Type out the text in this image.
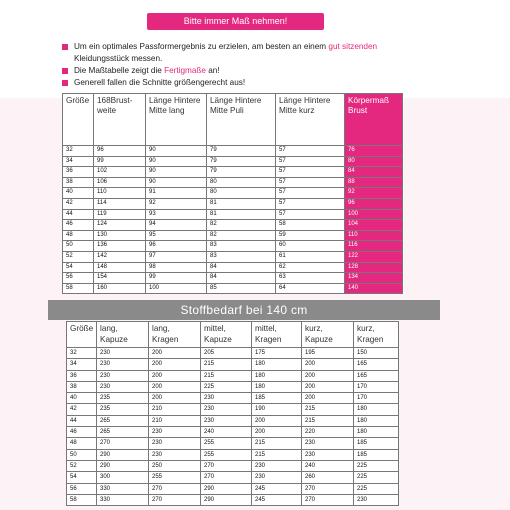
Bitte immer Maß nehmen!
Um ein optimales Passformergebnis zu erzielen, am besten an einem gut sitzenden Kleidungsstück messen.
Die Maßtabelle zeigt die Fertigmaße an!
Generell fallen die Schnitte größengerecht aus!
Größe	168Brust-weite	Länge Hintere Mitte lang	Länge Hintere Mitte Puli	Länge Hintere Mitte kurz	Körpermaß Brust
32	96	90	79	57	76
34	99	90	79	57	80
36	102	90	79	57	84
38	106	90	80	57	88
40	110	91	80	57	92
42	114	92	81	57	96
44	119	93	81	57	100
46	124	94	82	58	104
48	130	95	82	59	110
50	136	96	83	60	116
52	142	97	83	61	122
54	148	98	84	62	128
56	154	99	84	63	134
58	160	100	85	64	140
Stoffbedarf bei 140 cm
Größe	lang, Kapuze	lang, Kragen	mittel, Kapuze	mittel, Kragen	kurz, Kapuze	kurz, Kragen
32	230	200	205	175	195	150
34	230	200	215	180	200	165
36	230	200	215	180	200	165
38	230	200	225	180	200	170
40	235	200	230	185	200	170
42	235	210	230	190	215	180
44	265	210	230	200	215	180
46	265	230	240	200	220	180
48	270	230	255	215	230	185
50	290	230	255	215	230	185
52	290	250	270	230	240	225
54	300	255	270	230	260	225
56	330	270	290	245	270	225
58	330	270	290	245	270	230
